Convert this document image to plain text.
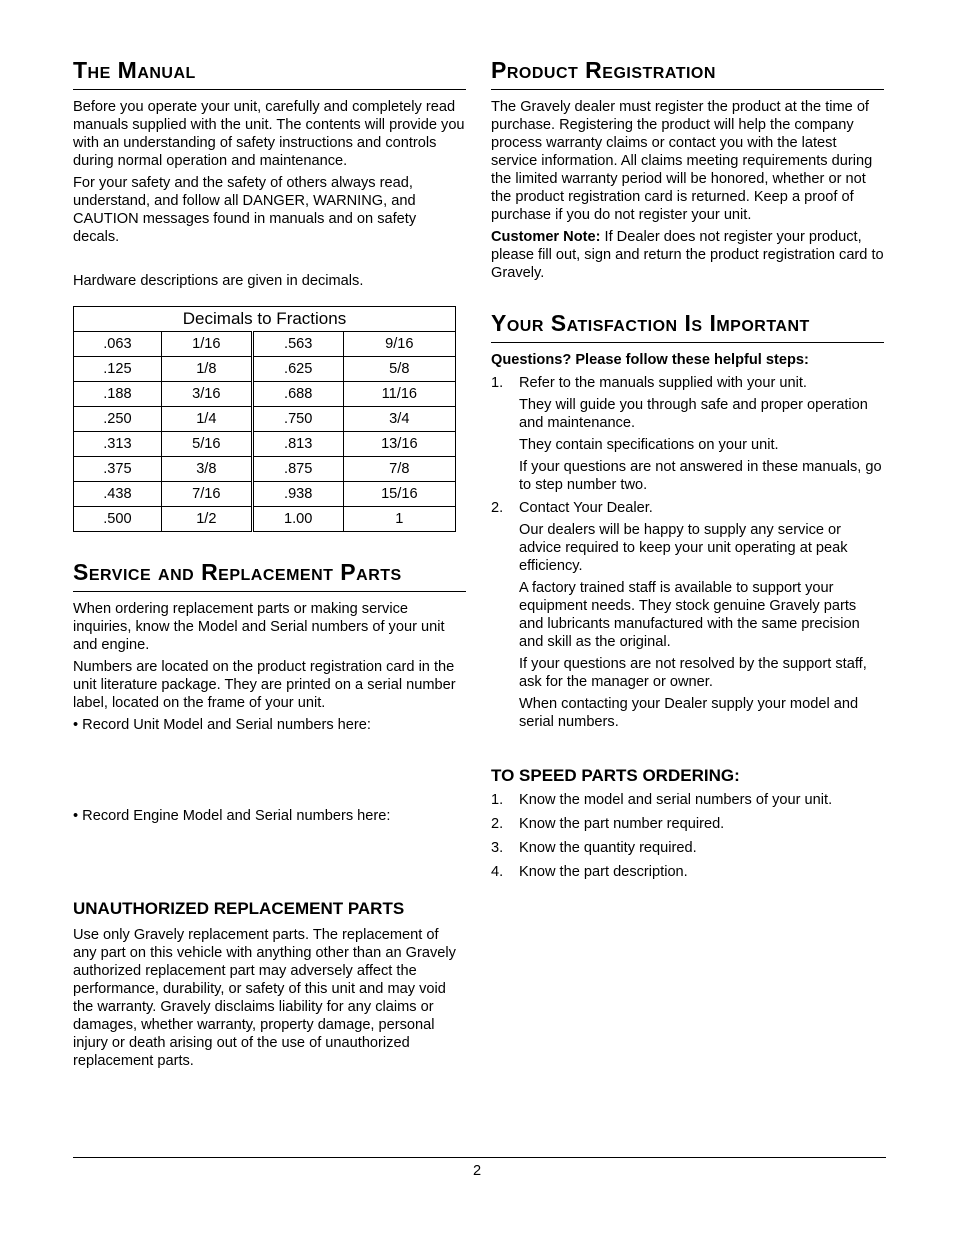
The Manual

Before you operate your unit, carefully and completely read manuals supplied with the unit. The contents will provide you with an understanding of safety instructions and controls during normal operation and maintenance.

For your safety and the safety of others always read, understand, and follow all DANGER, WARNING, and CAUTION messages found in manuals and on safety decals.

Hardware descriptions are given in decimals.

Decimals to Fractions			
.063	1/16	.563	9/16
.125	1/8	.625	5/8
.188	3/16	.688	11/16
.250	1/4	.750	3/4
.313	5/16	.813	13/16
.375	3/8	.875	7/8
.438	7/16	.938	15/16
.500	1/2	1.00	1
Service and Replacement Parts

When ordering replacement parts or making service inquiries, know the Model and Serial numbers of your unit and engine.

Numbers are located on the product registration card in the unit literature package. They are printed on a serial number label, located on the frame of your unit.

• Record Unit Model and Serial numbers here:

• Record Engine Model and Serial numbers here:

UNAUTHORIZED REPLACEMENT PARTS

Use only Gravely replacement parts. The replacement of any part on this vehicle with anything other than an Gravely authorized replacement part may adversely affect the performance, durability, or safety of this unit and may void the warranty. Gravely disclaims liability for any claims or damages, whether warranty, property damage, personal injury or death arising out of the use of unauthorized replacement parts.

Product Registration

The Gravely dealer must register the product at the time of purchase. Registering the product will help the company process warranty claims or contact you with the latest service information. All claims meeting requirements during the limited warranty period will be honored, whether or not the product registration card is returned. Keep a proof of purchase if you do not register your unit.

Customer Note: If Dealer does not register your product, please fill out, sign and return the product registration card to Gravely.

Your Satisfaction Is Important

Questions? Please follow these helpful steps:

1. Refer to the manuals supplied with your unit.

They will guide you through safe and proper operation and maintenance.

They contain specifications on your unit.

If your questions are not answered in these manuals, go to step number two.

2. Contact Your Dealer.

Our dealers will be happy to supply any service or advice required to keep your unit operating at peak efficiency.

A factory trained staff is available to support your equipment needs. They stock genuine Gravely parts and lubricants manufactured with the same precision and skill as the original.

If your questions are not resolved by the support staff, ask for the manager or owner.

When contacting your Dealer supply your model and serial numbers.

TO SPEED PARTS ORDERING:
1. Know the model and serial numbers of your unit.
2. Know the part number required.
3. Know the quantity required.
4. Know the part description.
2
